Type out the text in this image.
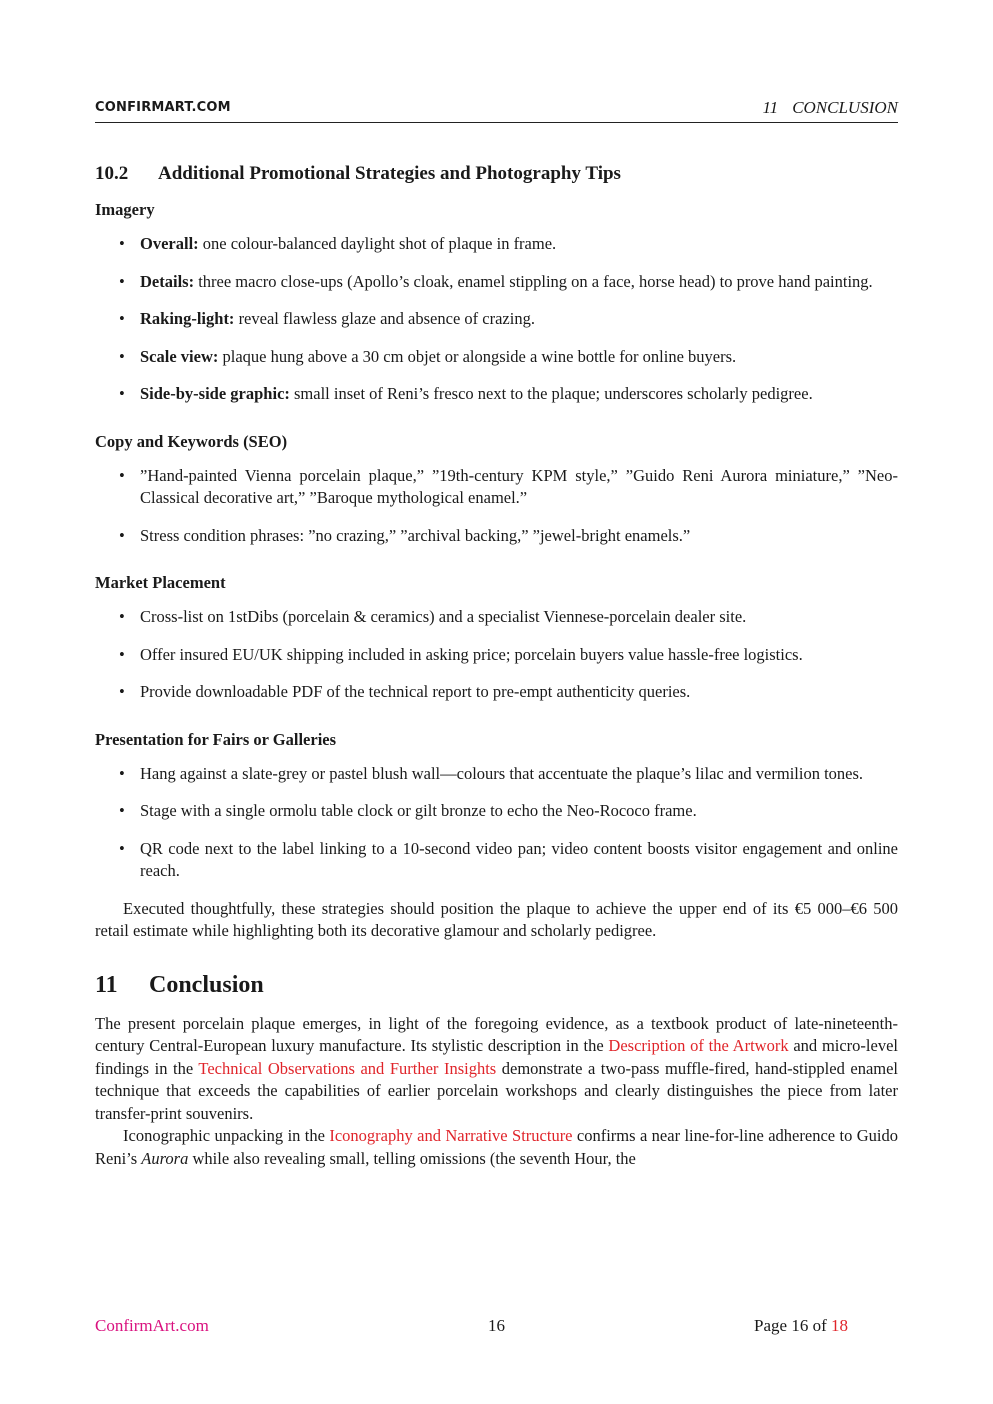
CONFIRMART.COM	11 CONCLUSION
10.2 Additional Promotional Strategies and Photography Tips
Imagery
• Overall: one colour-balanced daylight shot of plaque in frame.
• Details: three macro close-ups (Apollo’s cloak, enamel stippling on a face, horse head) to prove hand painting.
• Raking-light: reveal flawless glaze and absence of crazing.
• Scale view: plaque hung above a 30 cm objet or alongside a wine bottle for online buyers.
• Side-by-side graphic: small inset of Reni’s fresco next to the plaque; underscores scholarly pedigree.
Copy and Keywords (SEO)
• ”Hand-painted Vienna porcelain plaque,” ”19th-century KPM style,” ”Guido Reni Aurora miniature,” ”Neo-Classical decorative art,” ”Baroque mythological enamel.”
• Stress condition phrases: ”no crazing,” ”archival backing,” ”jewel-bright enamels.”
Market Placement
• Cross-list on 1stDibs (porcelain & ceramics) and a specialist Viennese-porcelain dealer site.
• Offer insured EU/UK shipping included in asking price; porcelain buyers value hassle-free logistics.
• Provide downloadable PDF of the technical report to pre-empt authenticity queries.
Presentation for Fairs or Galleries
• Hang against a slate-grey or pastel blush wall—colours that accentuate the plaque’s lilac and vermilion tones.
• Stage with a single ormolu table clock or gilt bronze to echo the Neo-Rococo frame.
• QR code next to the label linking to a 10-second video pan; video content boosts visitor engagement and online reach.

Executed thoughtfully, these strategies should position the plaque to achieve the upper end of its €5 000–€6 500 retail estimate while highlighting both its decorative glamour and scholarly pedigree.

11 Conclusion

The present porcelain plaque emerges, in light of the foregoing evidence, as a textbook product of late-nineteenth-century Central-European luxury manufacture. Its stylistic description in the Description of the Artwork and micro-level findings in the Technical Observations and Further Insights demonstrate a two-pass muffle-fired, hand-stippled enamel technique that exceeds the capabilities of earlier porcelain workshops and clearly distinguishes the piece from later transfer-print souvenirs.

Iconographic unpacking in the Iconography and Narrative Structure confirms a near line-for-line adherence to Guido Reni’s Aurora while also revealing small, telling omissions (the seventh Hour, the

ConfirmArt.com	16	Page 16 of 18
